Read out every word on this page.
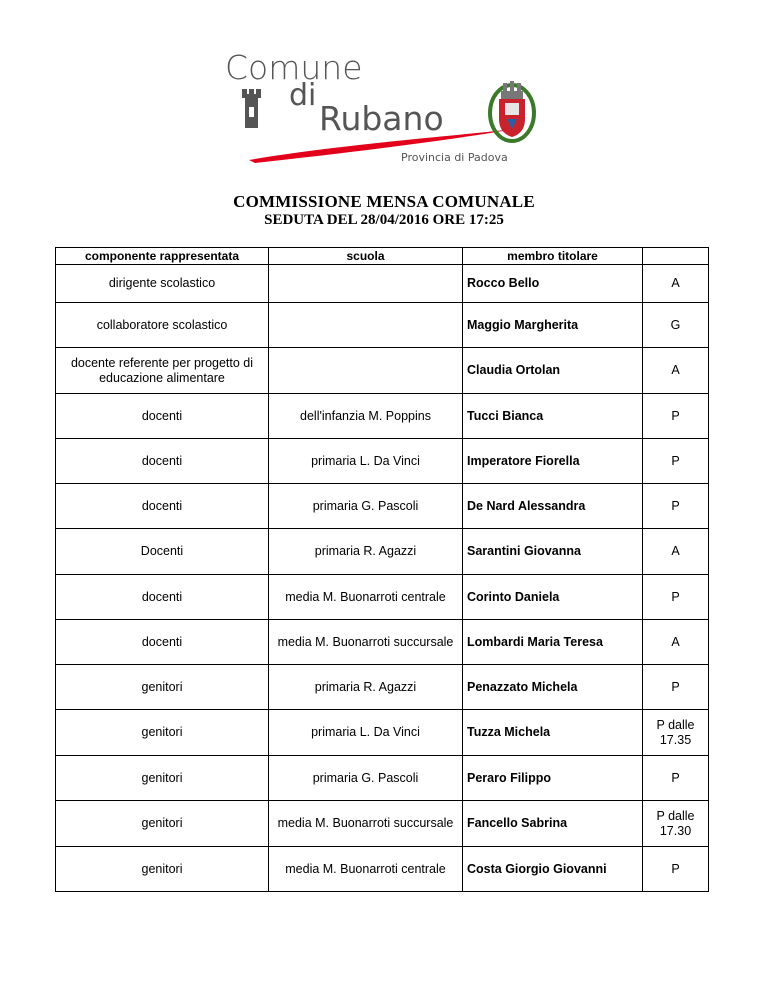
Comune
di
Rubano
Provincia di Padova
COMMISSIONE MENSA COMUNALE
SEDUTA DEL 28/04/2016 ORE 17:25
componente rappresentata	scuola	membro titolare	
dirigente scolastico		Rocco Bello	A
collaboratore scolastico		Maggio Margherita	G
docente referente per progetto di educazione alimentare		Claudia Ortolan	A
docenti	dell'infanzia M. Poppins	Tucci Bianca	P
docenti	primaria L. Da Vinci	Imperatore Fiorella	P
docenti	primaria G. Pascoli	De Nard Alessandra	P
Docenti	primaria R. Agazzi	Sarantini Giovanna	A
docenti	media M. Buonarroti centrale	Corinto Daniela	P
docenti	media M. Buonarroti succursale	Lombardi Maria Teresa	A
genitori	primaria R. Agazzi	Penazzato Michela	P
genitori	primaria L. Da Vinci	Tuzza Michela	P dalle 17.35
genitori	primaria G. Pascoli	Peraro Filippo	P
genitori	media M. Buonarroti succursale	Fancello Sabrina	P dalle 17.30
genitori	media M. Buonarroti centrale	Costa Giorgio Giovanni	P
